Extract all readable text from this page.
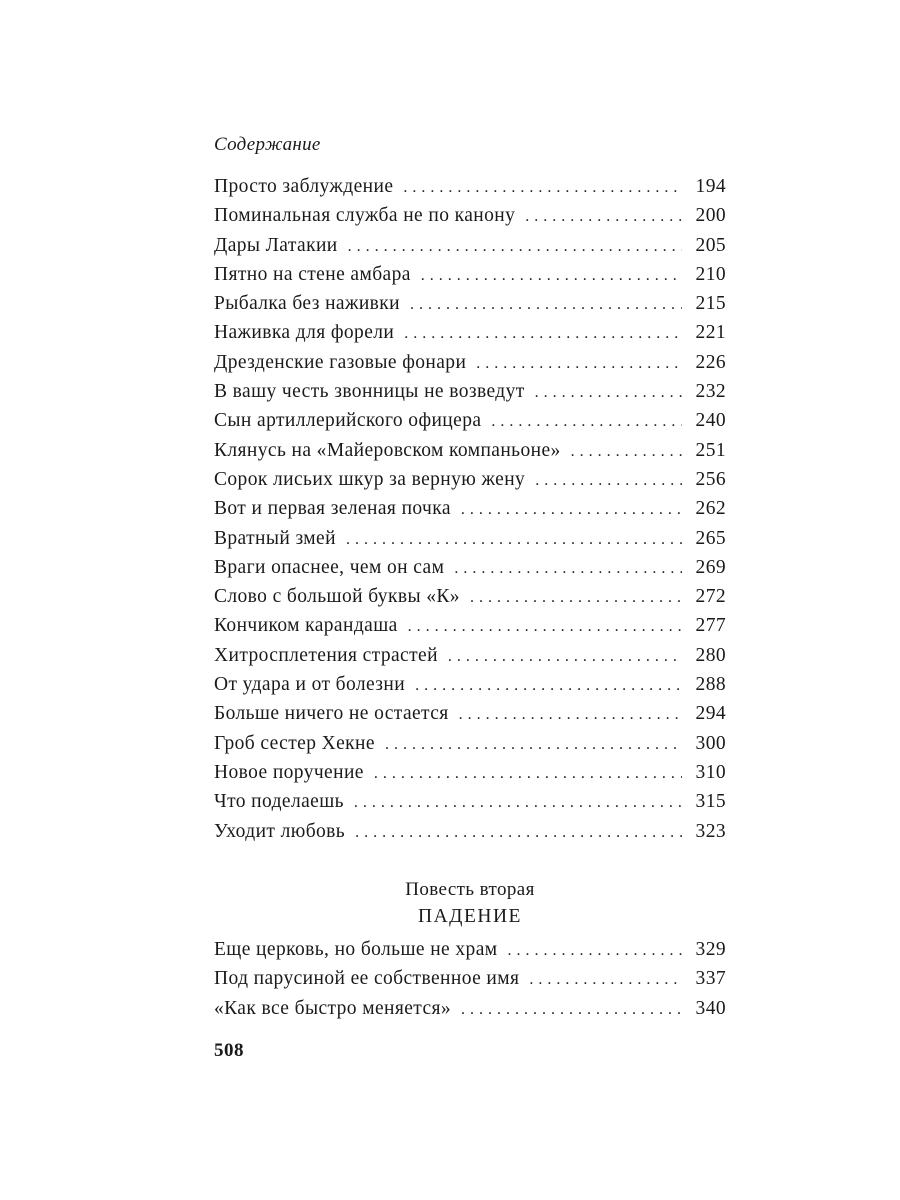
Содержание
Просто заблуждение . . .	194
Поминальная служба не по канону . . .	200
Дары Латакии . . .	205
Пятно на стене амбара . . .	210
Рыбалка без наживки . . .	215
Наживка для форели . . .	221
Дрезденские газовые фонари . . .	226
В вашу честь звонницы не возведут . . .	232
Сын артиллерийского офицера . . .	240
Клянусь на «Майеровском компаньоне» . . .	251
Сорок лисьих шкур за верную жену . . .	256
Вот и первая зеленая почка . . .	262
Вратный змей . . .	265
Враги опаснее, чем он сам . . .	269
Слово с большой буквы «К» . . .	272
Кончиком карандаша . . .	277
Хитросплетения страстей . . .	280
От удара и от болезни . . .	288
Больше ничего не остается . . .	294
Гроб сестер Хекне . . .	300
Новое поручение . . .	310
Что поделаешь . . .	315
Уходит любовь . . .	323
Повесть вторая
ПАДЕНИЕ
Еще церковь, но больше не храм . . .	329
Под парусиной ее собственное имя . . .	337
«Как все быстро меняется» . . .	340
508
